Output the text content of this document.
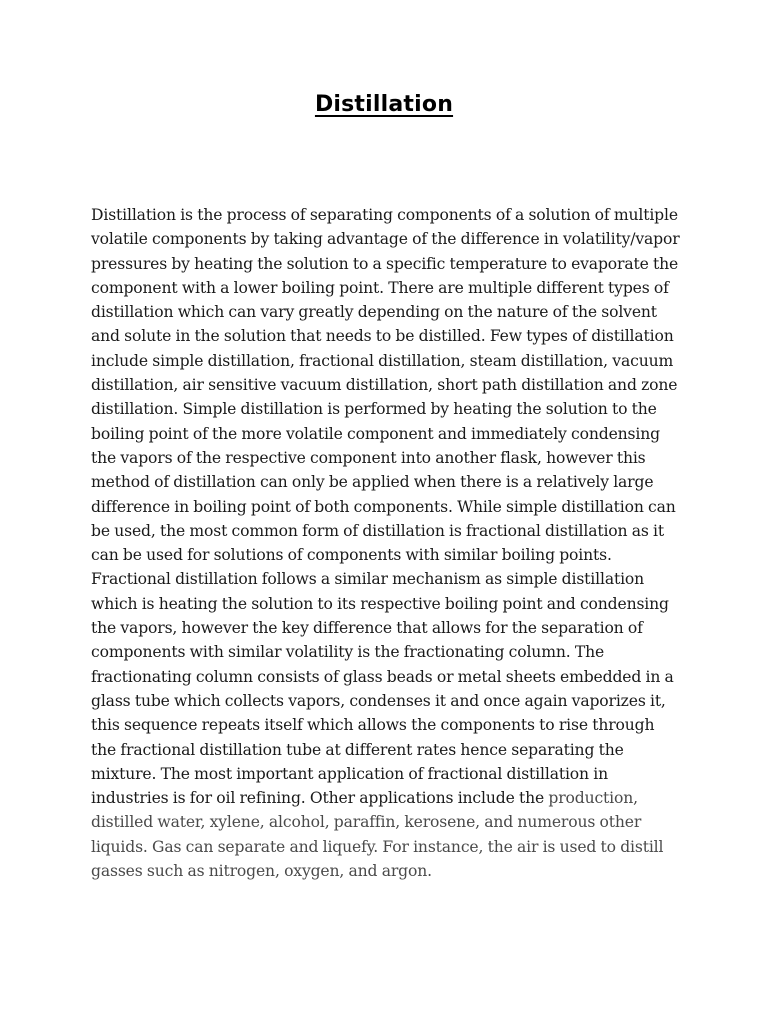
Distillation

Distillation is the process of separating components of a solution of multiple volatile components by taking advantage of the difference in volatility/vapor pressures by heating the solution to a specific temperature to evaporate the component with a lower boiling point. There are multiple different types of distillation which can vary greatly depending on the nature of the solvent and solute in the solution that needs to be distilled. Few types of distillation include simple distillation, fractional distillation, steam distillation, vacuum distillation, air sensitive vacuum distillation, short path distillation and zone distillation. Simple distillation is performed by heating the solution to the boiling point of the more volatile component and immediately condensing the vapors of the respective component into another flask, however this method of distillation can only be applied when there is a relatively large difference in boiling point of both components. While simple distillation can be used, the most common form of distillation is fractional distillation as it can be used for solutions of components with similar boiling points. Fractional distillation follows a similar mechanism as simple distillation which is heating the solution to its respective boiling point and condensing the vapors, however the key difference that allows for the separation of components with similar volatility is the fractionating column. The fractionating column consists of glass beads or metal sheets embedded in a glass tube which collects vapors, condenses it and once again vaporizes it, this sequence repeats itself which allows the components to rise through the fractional distillation tube at different rates hence separating the mixture. The most important application of fractional distillation in industries is for oil refining. Other applications include the production, distilled water, xylene, alcohol, paraffin, kerosene, and numerous other liquids. Gas can separate and liquefy. For instance, the air is used to distill gasses such as nitrogen, oxygen, and argon.
